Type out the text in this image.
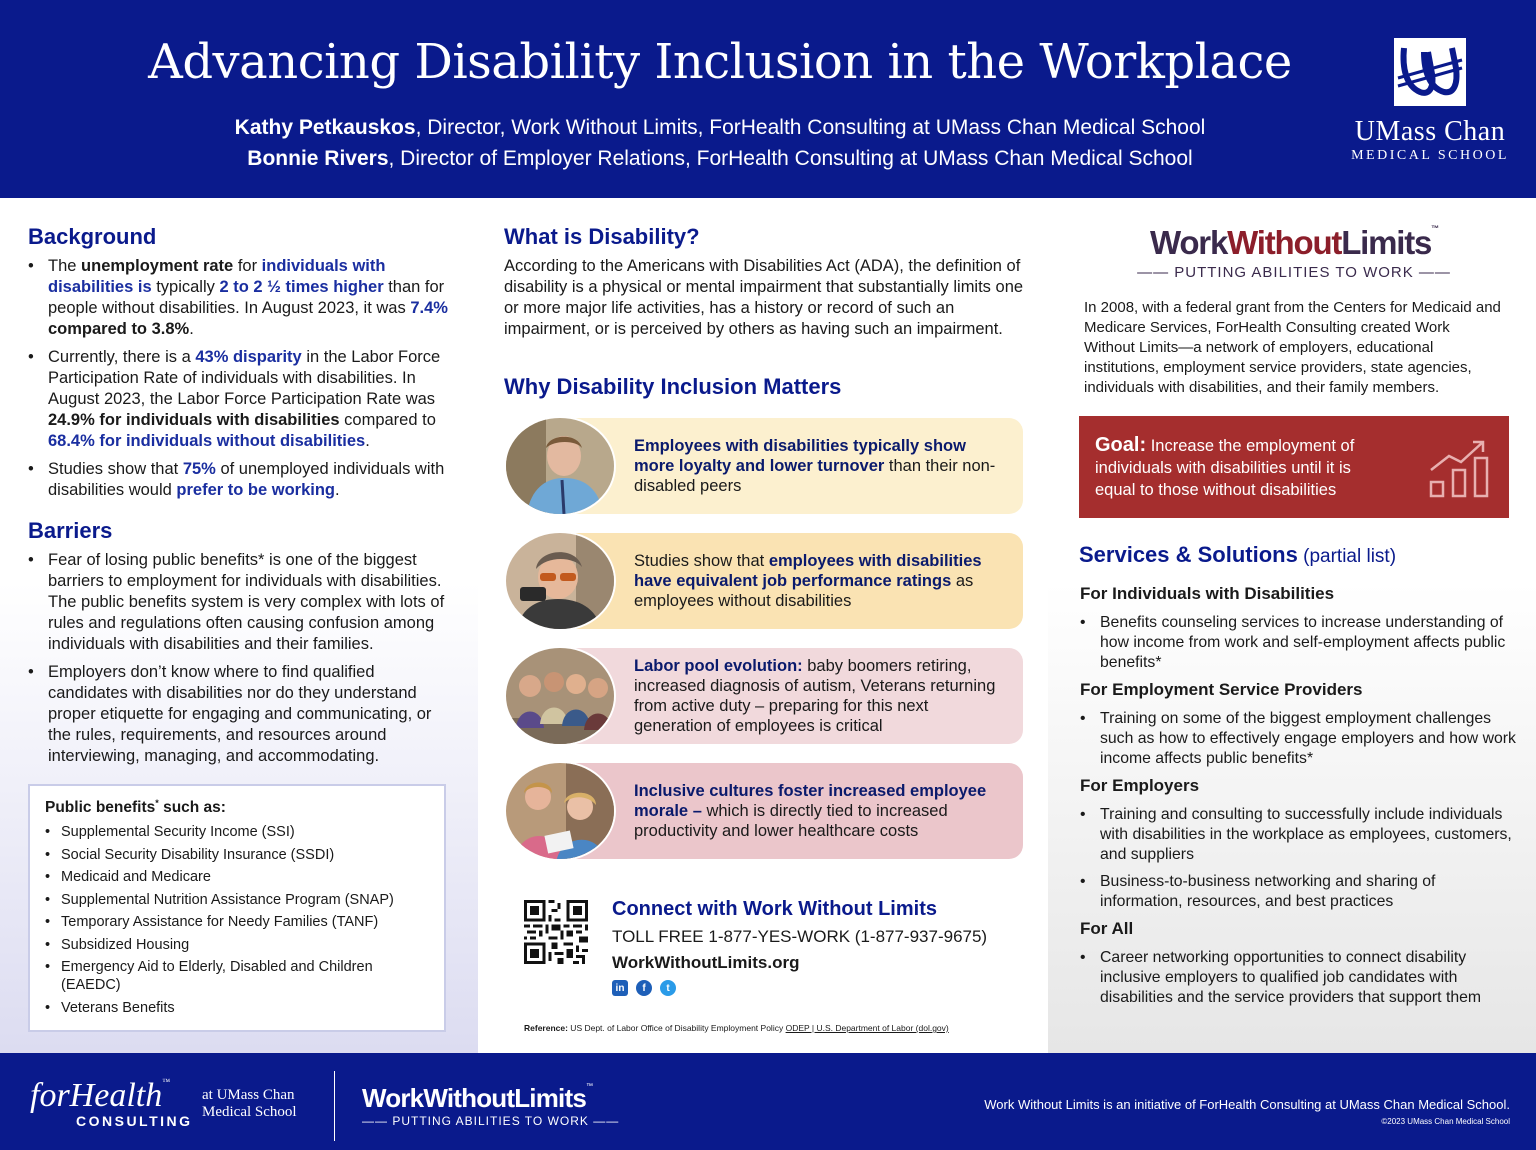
Advancing Disability Inclusion in the Workplace
Kathy Petkauskos, Director, Work Without Limits, ForHealth Consulting at UMass Chan Medical School
Bonnie Rivers, Director of Employer Relations, ForHealth Consulting at UMass Chan Medical School
UMass Chan
MEDICAL SCHOOL
Background
• The unemployment rate for individuals with disabilities is typically 2 to 2 ½ times higher than for people without disabilities. In August 2023, it was 7.4% compared to 3.8%.
• Currently, there is a 43% disparity in the Labor Force Participation Rate of individuals with disabilities. In August 2023, the Labor Force Participation Rate was 24.9% for individuals with disabilities compared to 68.4% for individuals without disabilities.
• Studies show that 75% of unemployed individuals with disabilities would prefer to be working.
Barriers
• Fear of losing public benefits* is one of the biggest barriers to employment for individuals with disabilities. The public benefits system is very complex with lots of rules and regulations often causing confusion among individuals with disabilities and their families.
• Employers don’t know where to find qualified candidates with disabilities nor do they understand proper etiquette for engaging and communicating, or the rules, requirements, and resources around interviewing, managing, and accommodating.
Public benefits* such as:
• Supplemental Security Income (SSI)
• Social Security Disability Insurance (SSDI)
• Medicaid and Medicare
• Supplemental Nutrition Assistance Program (SNAP)
• Temporary Assistance for Needy Families (TANF)
• Subsidized Housing
• Emergency Aid to Elderly, Disabled and Children (EAEDC)
• Veterans Benefits
What is Disability?

According to the Americans with Disabilities Act (ADA), the definition of disability is a physical or mental impairment that substantially limits one or more major life activities, has a history or record of such an impairment, or is perceived by others as having such an impairment.

Why Disability Inclusion Matters
Employees with disabilities typically show more loyalty and lower turnover than their non-disabled peers
Studies show that employees with disabilities have equivalent job performance ratings as employees without disabilities
Labor pool evolution: baby boomers retiring, increased diagnosis of autism, Veterans returning from active duty – preparing for this next generation of employees is critical
Inclusive cultures foster increased employee morale – which is directly tied to increased productivity and lower healthcare costs
Connect with Work Without Limits
TOLL FREE 1-877-YES-WORK (1-877-937-9675)
WorkWithoutLimits.org
in	f	t
Reference: US Dept. of Labor Office of Disability Employment Policy ODEP | U.S. Department of Labor (dol.gov)
WorkWithoutLimits™
—— PUTTING ABILITIES TO WORK ——

In 2008, with a federal grant from the Centers for Medicaid and Medicare Services, ForHealth Consulting created Work Without Limits—a network of employers, educational institutions, employment service providers, state agencies, individuals with disabilities, and their family members.

Goal: Increase the employment of individuals with disabilities until it is equal to those without disabilities
Services & Solutions (partial list)
For Individuals with Disabilities
• Benefits counseling services to increase understanding of how income from work and self-employment affects public benefits*
For Employment Service Providers
• Training on some of the biggest employment challenges such as how to effectively engage employers and how work income affects public benefits*
For Employers
• Training and consulting to successfully include individuals with disabilities in the workplace as employees, customers, and suppliers
• Business-to-business networking and sharing of information, resources, and best practices
For All
• Career networking opportunities to connect disability inclusive employers to qualified job candidates with disabilities and the service providers that support them
forHealth™
CONSULTING
at UMass Chan
Medical School	WorkWithoutLimits™
—— PUTTING ABILITIES TO WORK ——
Work Without Limits is an initiative of ForHealth Consulting at UMass Chan Medical School.
©2023 UMass Chan Medical School
